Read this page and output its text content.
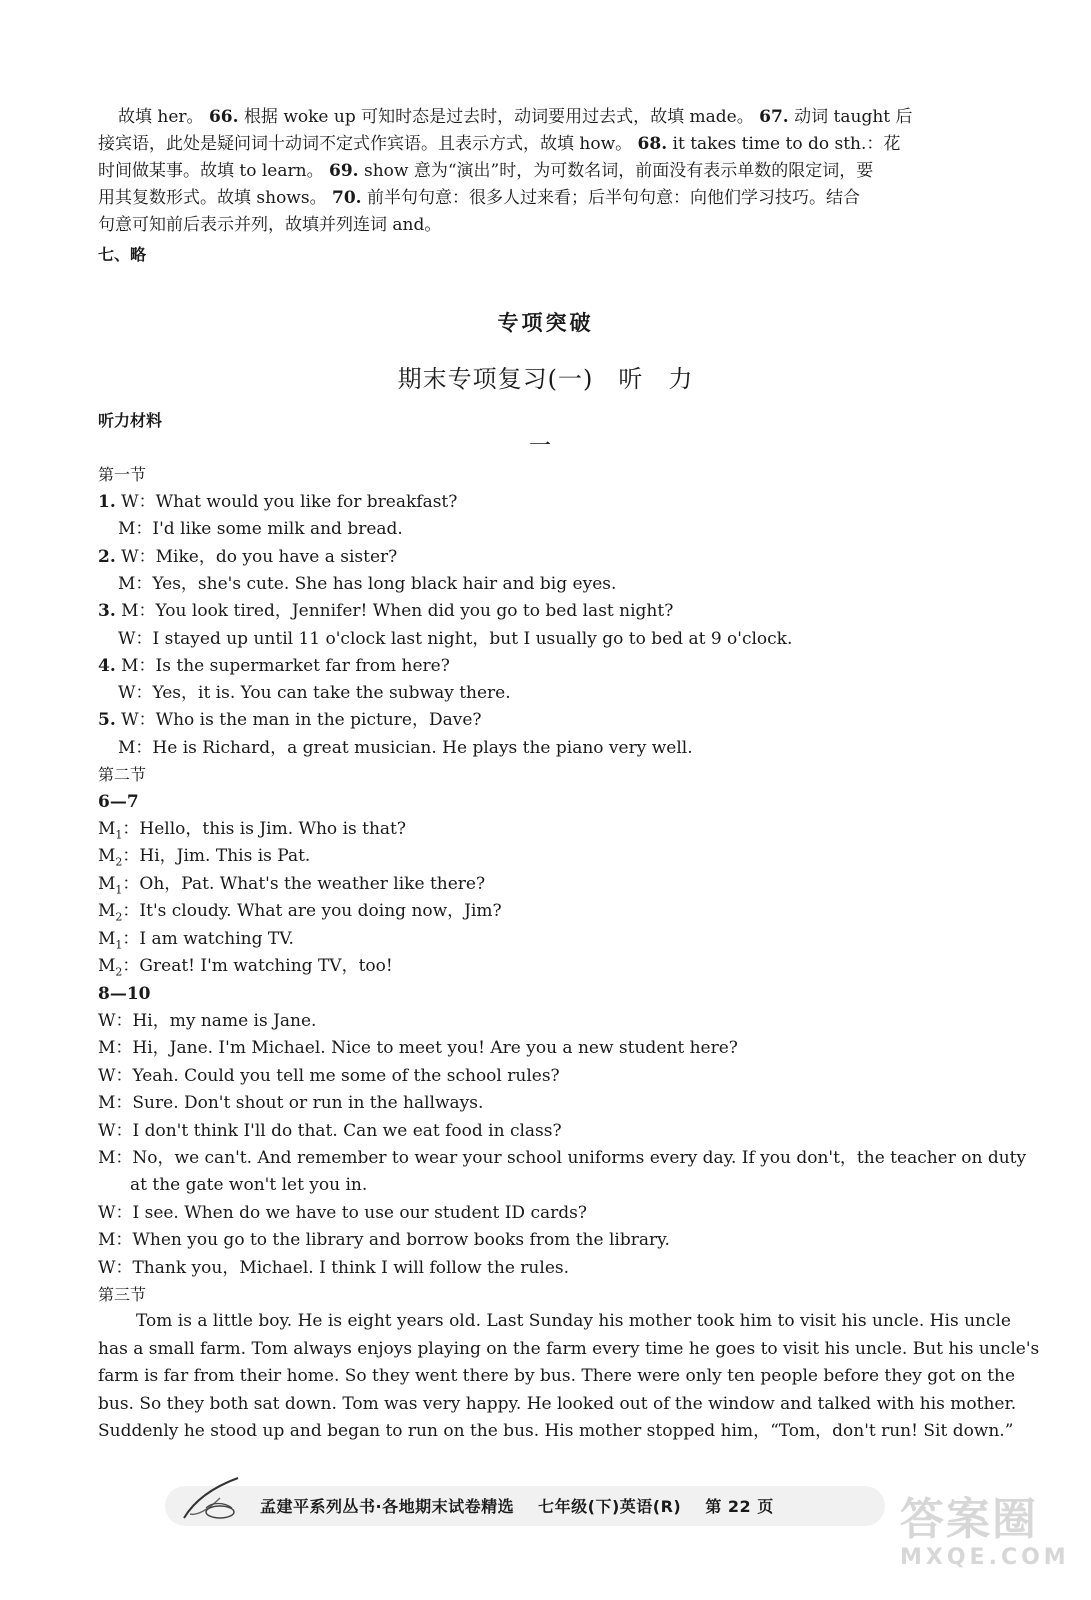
故填 her。 66. 根据 woke up 可知时态是过去时，动词要用过去式，故填 made。 67. 动词 taught 后
接宾语，此处是疑问词十动词不定式作宾语。且表示方式，故填 how。 68. it takes time to do sth.：花
时间做某事。故填 to learn。 69. show 意为“演出”时，为可数名词，前面没有表示单数的限定词，要
用其复数形式。故填 shows。 70. 前半句句意：很多人过来看；后半句句意：向他们学习技巧。结合
句意可知前后表示并列，故填并列连词 and。
七、略
专项突破
期末专项复习(一)　听　力
听力材料
一
第一节
1. W：What would you like for breakfast?
M：I'd like some milk and bread.
2. W：Mike，do you have a sister?
M：Yes，she's cute. She has long black hair and big eyes.
3. M：You look tired，Jennifer! When did you go to bed last night?
W：I stayed up until 11 o'clock last night，but I usually go to bed at 9 o'clock.
4. M：Is the supermarket far from here?
W：Yes，it is. You can take the subway there.
5. W：Who is the man in the picture，Dave?
M：He is Richard，a great musician. He plays the piano very well.
第二节
6—7
$M_1$：Hello，this is Jim. Who is that?
$M_2$：Hi，Jim. This is Pat.
$M_1$：Oh，Pat. What's the weather like there?
$M_2$：It's cloudy. What are you doing now，Jim?
$M_1$：I am watching TV.
$M_2$：Great! I'm watching TV，too!
8—10
W：Hi，my name is Jane.
M：Hi，Jane. I'm Michael. Nice to meet you! Are you a new student here?
W：Yeah. Could you tell me some of the school rules?
M：Sure. Don't shout or run in the hallways.
W：I don't think I'll do that. Can we eat food in class?
M：No，we can't. And remember to wear your school uniforms every day. If you don't，the teacher on duty
at the gate won't let you in.
W：I see. When do we have to use our student ID cards?
M：When you go to the library and borrow books from the library.
W：Thank you，Michael. I think I will follow the rules.
第三节
Tom is a little boy. He is eight years old. Last Sunday his mother took him to visit his uncle. His uncle
has a small farm. Tom always enjoys playing on the farm every time he goes to visit his uncle. But his uncle's
farm is far from their home. So they went there by bus. There were only ten people before they got on the
bus. So they both sat down. Tom was very happy. He looked out of the window and talked with his mother.
Suddenly he stood up and began to run on the bus. His mother stopped him，“Tom，don't run! Sit down.”
孟建平系列丛书·各地期末试卷精选 七年级(下)英语(R) 第 22 页	答案圈
MXQE.COM
